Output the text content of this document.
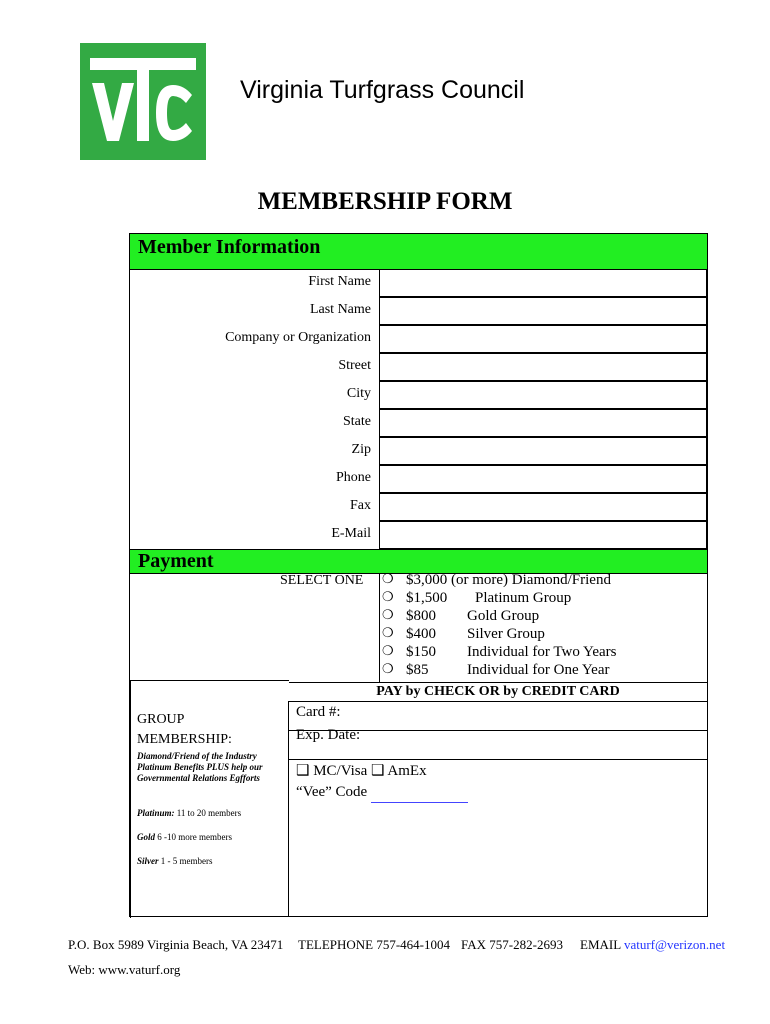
Virginia Turfgrass Council
MEMBERSHIP FORM
Member Information
First Name
Last Name
Company or Organization
Street
City
State
Zip
Phone
Fax
E-Mail
Payment
SELECT ONE ❍ $3,000 (or more) Diamond/Friend
❍ $1,500 Platinum Group
❍ $800 Gold Group
❍ $400 Silver Group
❍ $150 Individual for Two Years
❍ $85	Individual for One Year
PAY by CHECK OR by CREDIT CARD
GROUP
MEMBERSHIP:
Diamond/Friend of the Industry Platinum Benefits PLUS help our Governmental Relations Egfforts
Platinum: 11 to 20 members
Gold 6 -10 more members
Silver 1 - 5 members
Card #:
Exp. Date:
❑ MC/Visa ❑ AmEx
“Vee” Code
P.O. Box 5989 Virginia Beach, VA 23471 TELEPHONE 757-464-1004 FAX 757-282-2693 EMAIL vaturf@verizon.net
Web: www.vaturf.org
